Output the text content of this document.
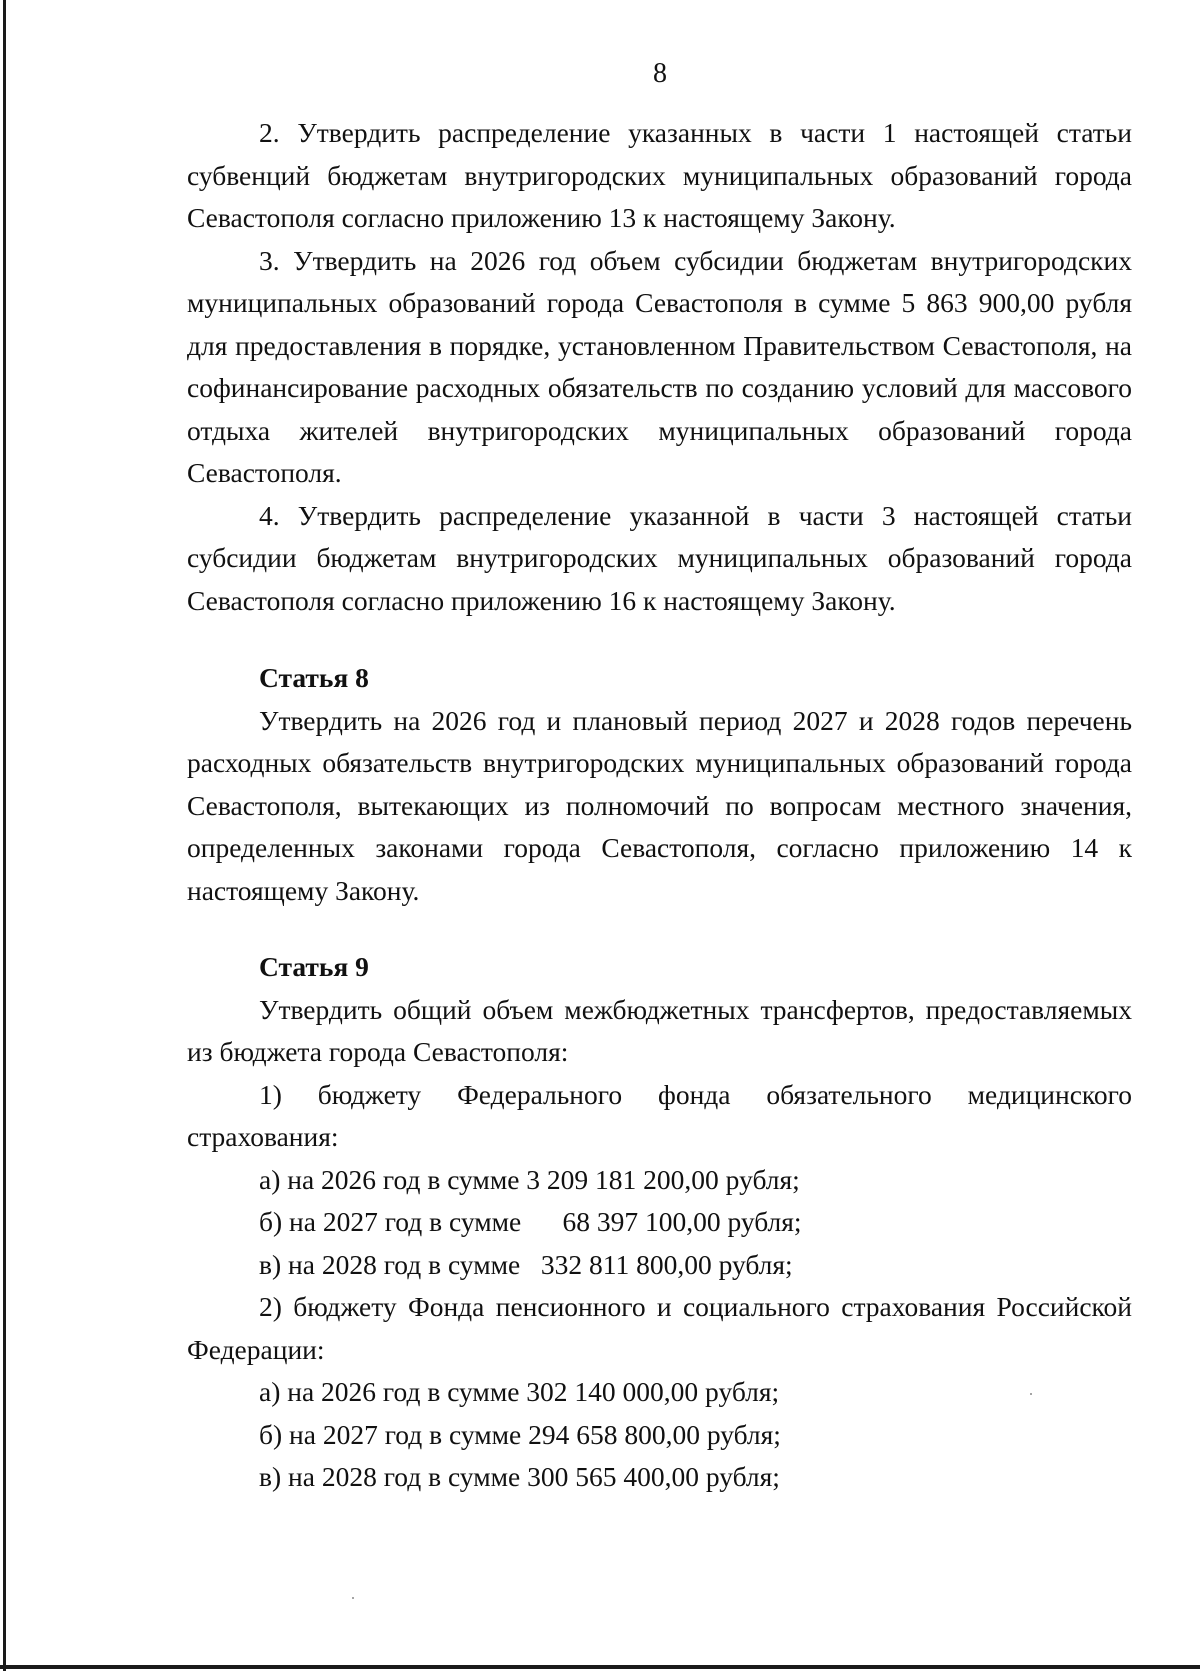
8

2. Утвердить распределение указанных в части 1 настоящей статьи субвенций бюджетам внутригородских муниципальных образований города Севастополя согласно приложению 13 к настоящему Закону.

3. Утвердить на 2026 год объем субсидии бюджетам внутригородских муниципальных образований города Севастополя в сумме 5 863 900,00 рубля для предоставления в порядке, установленном Правительством Севастополя, на софинансирование расходных обязательств по созданию условий для массового отдыха жителей внутригородских муниципальных образований города Севастополя.

4. Утвердить распределение указанной в части 3 настоящей статьи субсидии бюджетам внутригородских муниципальных образований города Севастополя согласно приложению 16 к настоящему Закону.

Статья 8

Утвердить на 2026 год и плановый период 2027 и 2028 годов перечень расходных обязательств внутригородских муниципальных образований города Севастополя, вытекающих из полномочий по вопросам местного значения, определенных законами города Севастополя, согласно приложению 14 к настоящему Закону.

Статья 9

Утвердить общий объем межбюджетных трансфертов, предоставляемых из бюджета города Севастополя:

1) бюджету Федерального фонда обязательного медицинского страхования:

а) на 2026 год в сумме 3 209 181 200,00 рубля;

б) на 2027 год в сумме      68 397 100,00 рубля;

в) на 2028 год в сумме   332 811 800,00 рубля;

2) бюджету Фонда пенсионного и социального страхования Российской Федерации:

а) на 2026 год в сумме 302 140 000,00 рубля;

б) на 2027 год в сумме 294 658 800,00 рубля;

в) на 2028 год в сумме 300 565 400,00 рубля;
